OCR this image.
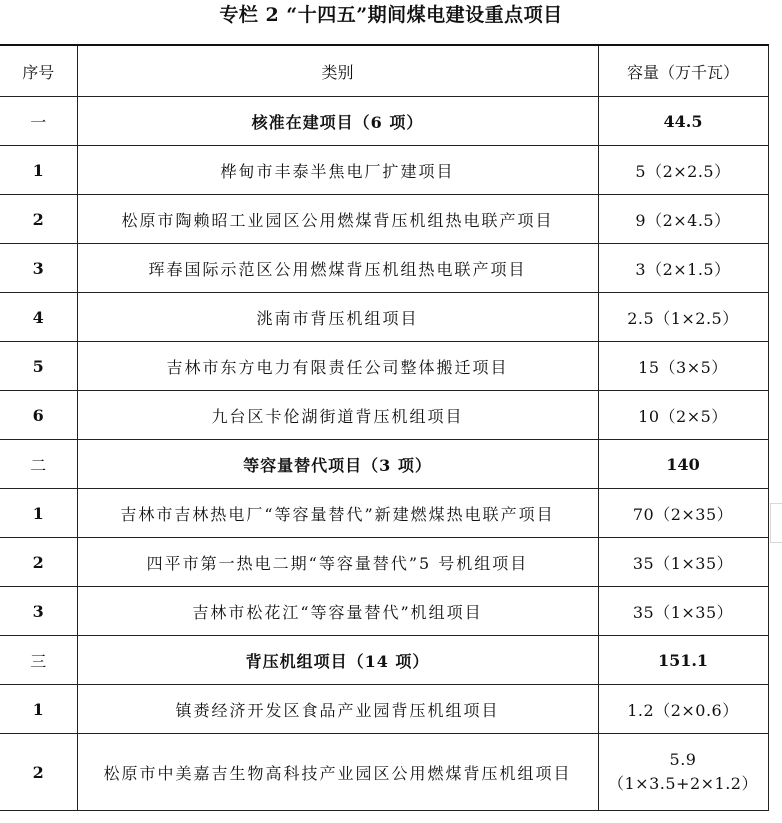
专栏 2 “十四五”期间煤电建设重点项目
序号	类别	容量（万千瓦）
一	核准在建项目（6 项）	44.5
1	桦甸市丰泰半焦电厂扩建项目	5（2×2.5）
2	松原市陶赖昭工业园区公用燃煤背压机组热电联产项目	9（2×4.5）
3	珲春国际示范区公用燃煤背压机组热电联产项目	3（2×1.5）
4	洮南市背压机组项目	2.5（1×2.5）
5	吉林市东方电力有限责任公司整体搬迁项目	15（3×5）
6	九台区卡伦湖街道背压机组项目	10（2×5）
二	等容量替代项目（3 项）	140
1	吉林市吉林热电厂“等容量替代”新建燃煤热电联产项目	70（2×35）
2	四平市第一热电二期“等容量替代”5 号机组项目	35（1×35）
3	吉林市松花江“等容量替代”机组项目	35（1×35）
三	背压机组项目（14 项）	151.1
1	镇赉经济开发区食品产业园背压机组项目	1.2（2×0.6）
2	松原市中美嘉吉生物高科技产业园区公用燃煤背压机组项目	5.9（1×3.5+2×1.2）
